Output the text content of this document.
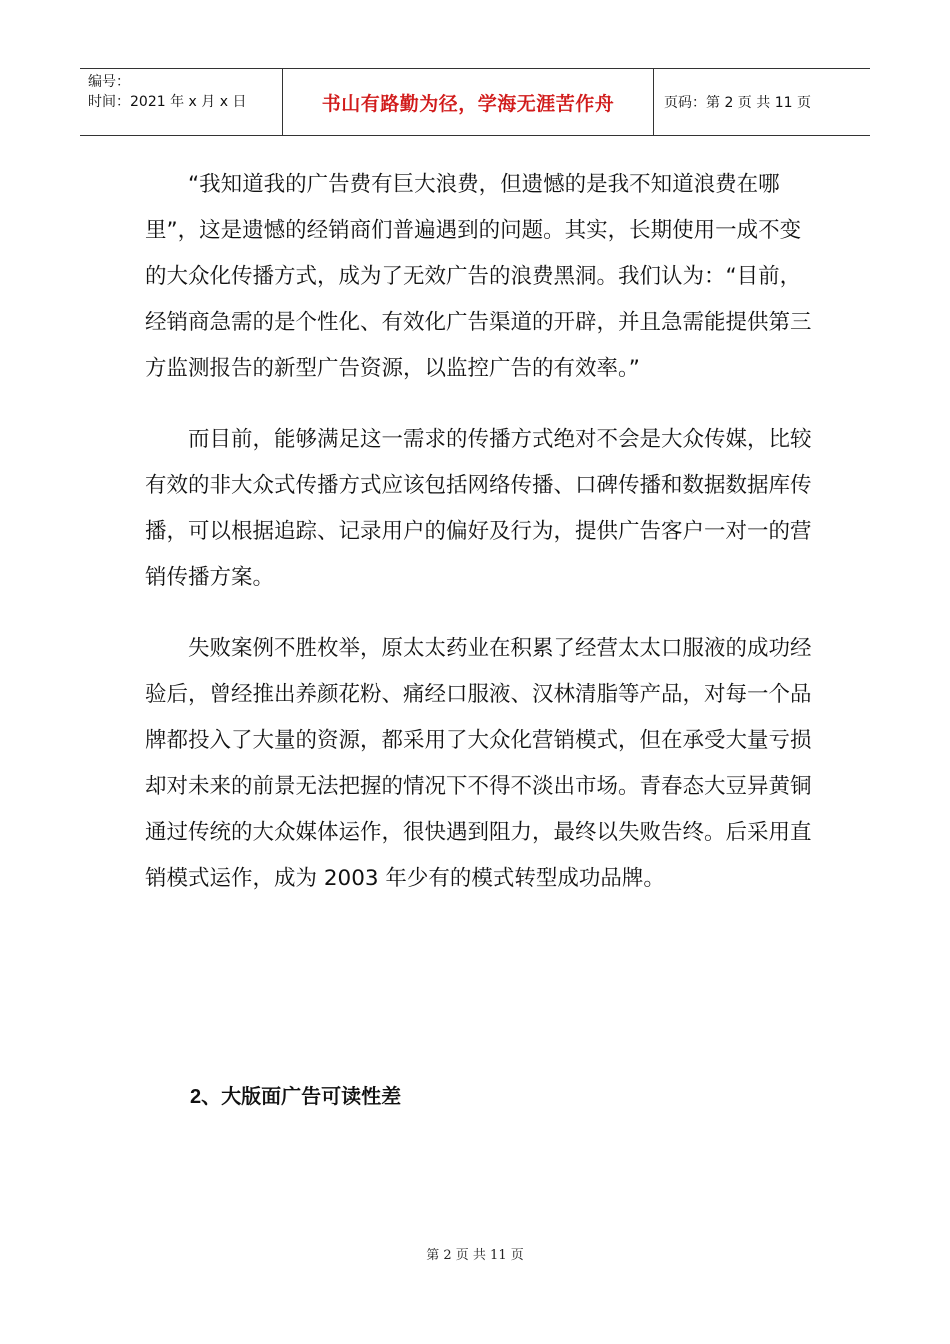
编号：
时间：2021 年 x 月 x 日	书山有路勤为径，学海无涯苦作舟	页码：第 2 页 共 11 页

“我知道我的广告费有巨大浪费，但遗憾的是我不知道浪费在哪里”，这是遗憾的经销商们普遍遇到的问题。其实，长期使用一成不变的大众化传播方式，成为了无效广告的浪费黑洞。我们认为：“目前，经销商急需的是个性化、有效化广告渠道的开辟，并且急需能提供第三方监测报告的新型广告资源，以监控广告的有效率。”

而目前，能够满足这一需求的传播方式绝对不会是大众传媒，比较有效的非大众式传播方式应该包括网络传播、口碑传播和数据数据库传播，可以根据追踪、记录用户的偏好及行为，提供广告客户一对一的营销传播方案。

失败案例不胜枚举，原太太药业在积累了经营太太口服液的成功经验后，曾经推出养颜花粉、痛经口服液、汉林清脂等产品，对每一个品牌都投入了大量的资源，都采用了大众化营销模式，但在承受大量亏损却对未来的前景无法把握的情况下不得不淡出市场。青春态大豆异黄铜通过传统的大众媒体运作，很快遇到阻力，最终以失败告终。后采用直销模式运作，成为 2003 年少有的模式转型成功品牌。

2、大版面广告可读性差
第 2 页 共 11 页
